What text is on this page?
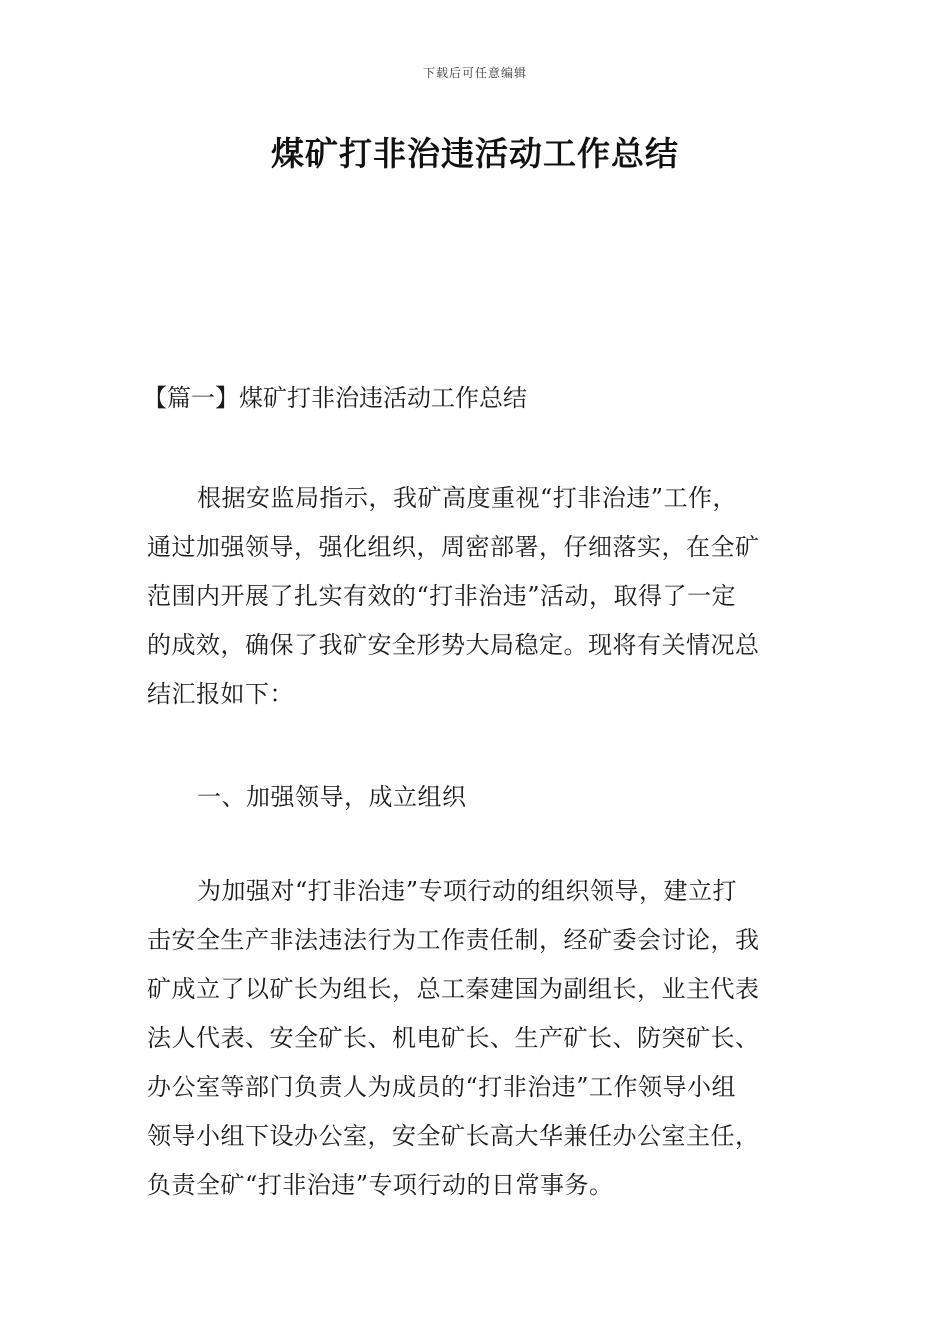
下载后可任意编辑
煤矿打非治违活动工作总结
【篇一】煤矿打非治违活动工作总结
根据安监局指示，我矿高度重视“打非治违”工作，
通过加强领导，强化组织，周密部署，仔细落实，在全矿
范围内开展了扎实有效的“打非治违”活动，取得了一定
的成效，确保了我矿安全形势大局稳定。现将有关情况总
结汇报如下：
一、加强领导，成立组织
为加强对“打非治违”专项行动的组织领导，建立打
击安全生产非法违法行为工作责任制，经矿委会讨论，我
矿成立了以矿长为组长，总工秦建国为副组长，业主代表
法人代表、安全矿长、机电矿长、生产矿长、防突矿长、
办公室等部门负责人为成员的“打非治违”工作领导小组
领导小组下设办公室，安全矿长高大华兼任办公室主任，
负责全矿“打非治违”专项行动的日常事务。
